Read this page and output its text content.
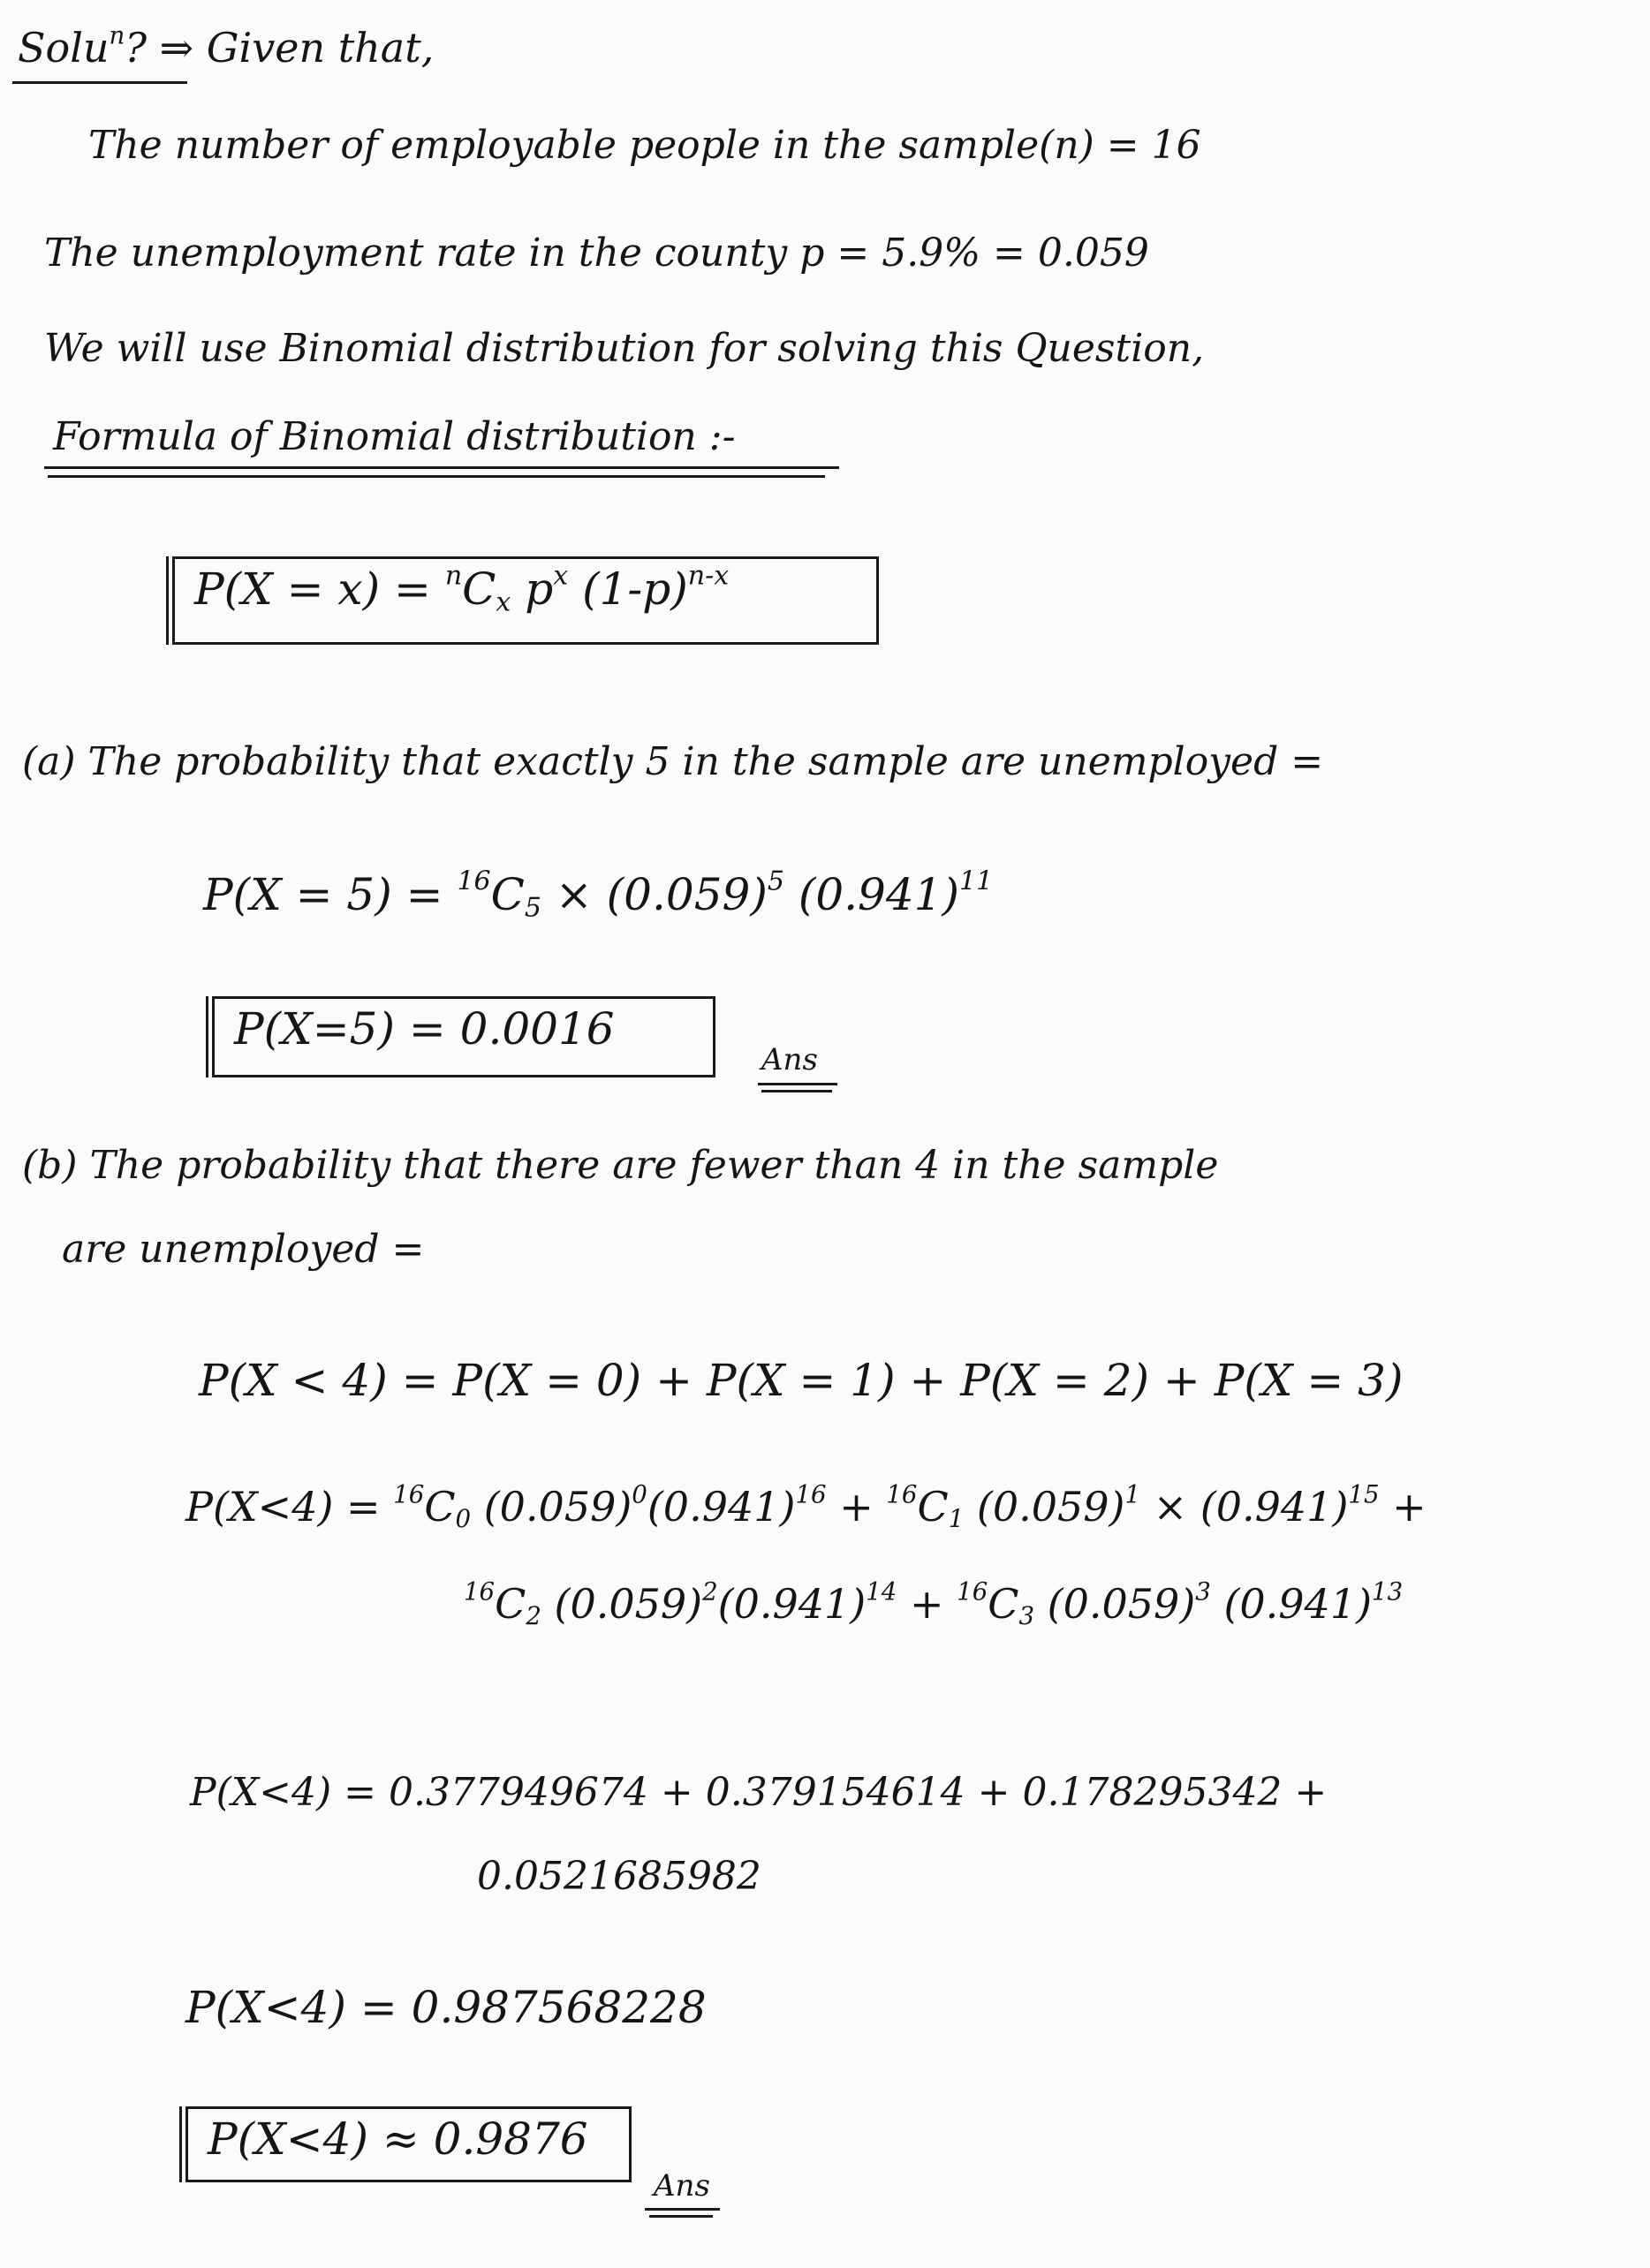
Solu$^n$? ⇒ Given that,
The number of employable people in the sample(n) = 16
The unemployment rate in the county p = 5.9% = 0.059
We will use Binomial distribution for solving this Question,
Formula of Binomial distribution :-
$P(X = x) = ^nC_x$ $p^x$ $(1-p)^{n-x}$
(a) The probability that exactly 5 in the sample are unemployed =
$P(X = 5) = ^{16}C_5 \times (0.059)^5$ $(0.941)^{11}$
P(X=5) = 0.0016
Ans
(b) The probability that there are fewer than 4 in the sample
are unemployed =
P(X < 4) = P(X = 0) + P(X = 1) + P(X = 2) + P(X = 3)
$P(X<4) = ^{16}C_0$ $(0.059)^0(0.941)^{16} + ^{16}C_1$ $(0.059)^1 \times (0.941)^{15}$ +
$^{16}C_2$ $(0.059)^2(0.941)^{14} + ^{16}C_3$ $(0.059)^3$ $(0.941)^{13}$
P(X<4) = 0.377949674 + 0.379154614 + 0.178295342 +
0.0521685982
P(X<4) = 0.987568228
P(X<4) ≈ 0.9876
Ans
